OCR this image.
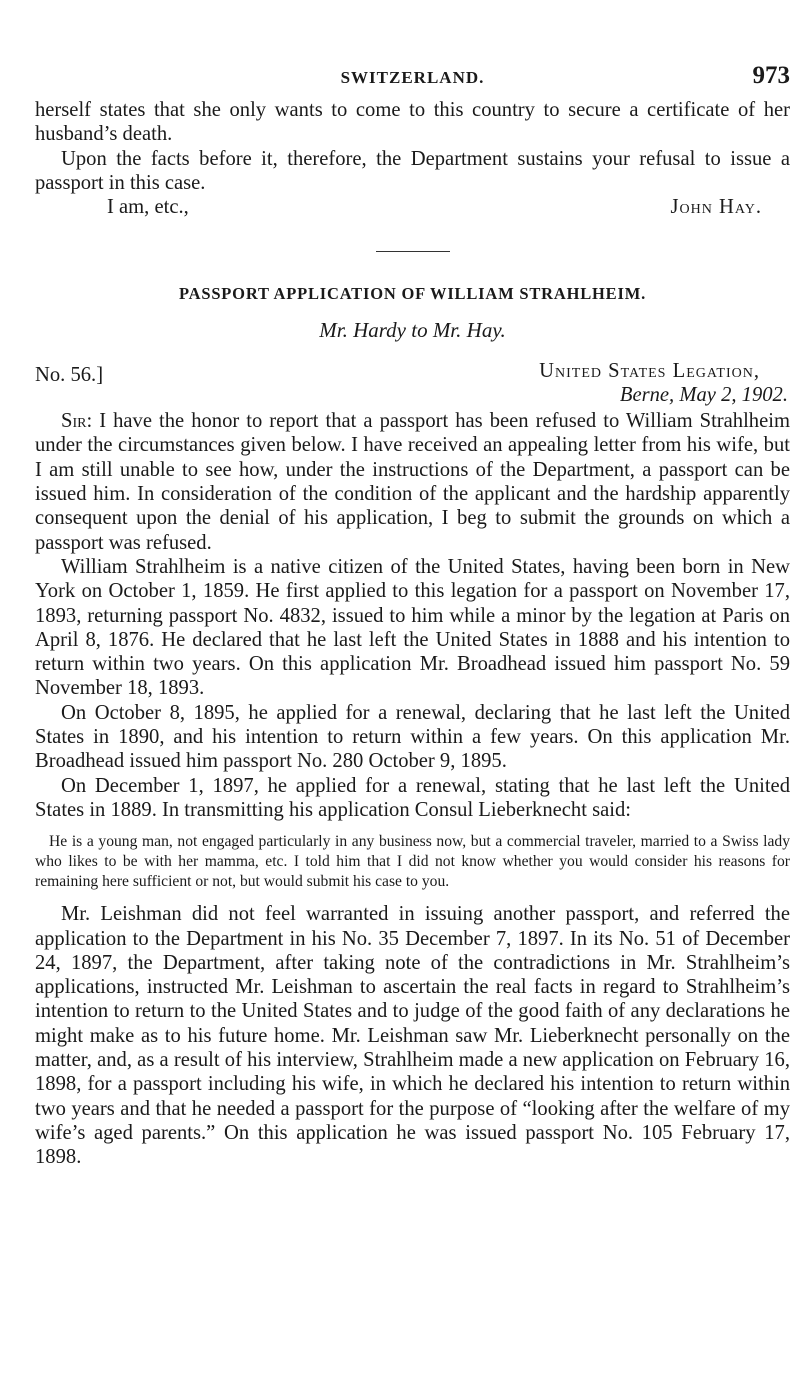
SWITZERLAND.	973

herself states that she only wants to come to this country to secure a certificate of her husband’s death.

Upon the facts before it, therefore, the Department sustains your refusal to issue a passport in this case.

I am, etc.,	John Hay.
PASSPORT APPLICATION OF WILLIAM STRAHLHEIM.
Mr. Hardy to Mr. Hay.
No. 56.]	United States Legation,
Berne, May 2, 1902.

Sir: I have the honor to report that a passport has been refused to William Strahlheim under the circumstances given below. I have received an appealing letter from his wife, but I am still unable to see how, under the instructions of the Department, a passport can be issued him. In consideration of the condition of the applicant and the hardship apparently consequent upon the denial of his application, I beg to submit the grounds on which a passport was refused.

William Strahlheim is a native citizen of the United States, having been born in New York on October 1, 1859. He first applied to this legation for a passport on November 17, 1893, returning passport No. 4832, issued to him while a minor by the legation at Paris on April 8, 1876. He declared that he last left the United States in 1888 and his intention to return within two years. On this application Mr. Broadhead issued him passport No. 59 November 18, 1893.

On October 8, 1895, he applied for a renewal, declaring that he last left the United States in 1890, and his intention to return within a few years. On this application Mr. Broadhead issued him passport No. 280 October 9, 1895.

On December 1, 1897, he applied for a renewal, stating that he last left the United States in 1889. In transmitting his application Consul Lieberknecht said:

He is a young man, not engaged particularly in any business now, but a commercial traveler, married to a Swiss lady who likes to be with her mamma, etc. I told him that I did not know whether you would consider his reasons for remaining here sufficient or not, but would submit his case to you.

Mr. Leishman did not feel warranted in issuing another passport, and referred the application to the Department in his No. 35 December 7, 1897. In its No. 51 of December 24, 1897, the Department, after taking note of the contradictions in Mr. Strahlheim’s applications, instructed Mr. Leishman to ascertain the real facts in regard to Strahlheim’s intention to return to the United States and to judge of the good faith of any declarations he might make as to his future home. Mr. Leishman saw Mr. Lieberknecht personally on the matter, and, as a result of his interview, Strahlheim made a new application on February 16, 1898, for a passport including his wife, in which he declared his intention to return within two years and that he needed a passport for the purpose of “looking after the welfare of my wife’s aged parents.” On this application he was issued passport No. 105 February 17, 1898.
